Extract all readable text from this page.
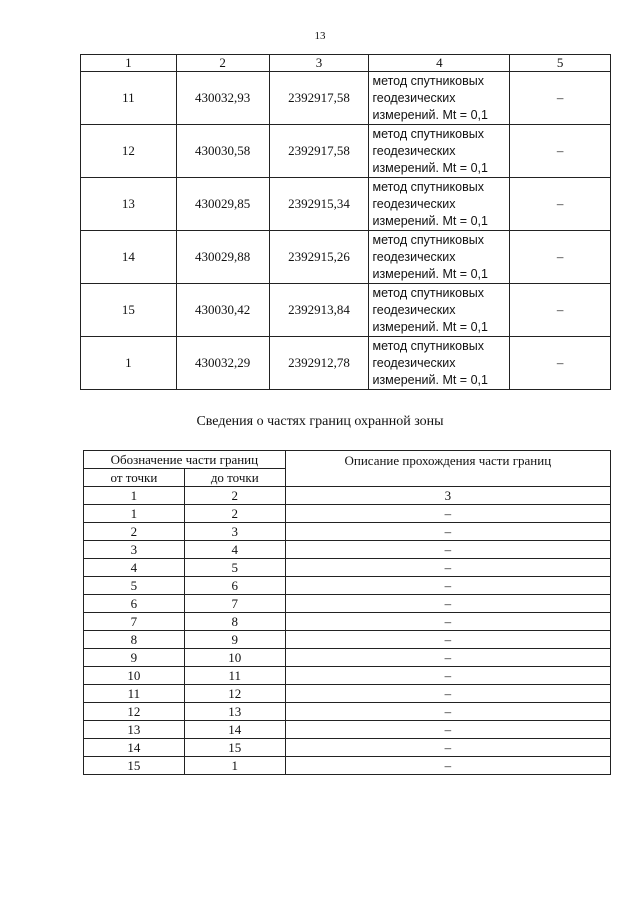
13
1	2	3	4	5
11	430032,93	2392917,58	метод спутниковых
геодезических
измерений. Mt = 0,1	–
12	430030,58	2392917,58	метод спутниковых
геодезических
измерений. Mt = 0,1	–
13	430029,85	2392915,34	метод спутниковых
геодезических
измерений. Mt = 0,1	–
14	430029,88	2392915,26	метод спутниковых
геодезических
измерений. Mt = 0,1	–
15	430030,42	2392913,84	метод спутниковых
геодезических
измерений. Mt = 0,1	–
1	430032,29	2392912,78	метод спутниковых
геодезических
измерений. Mt = 0,1	–
Сведения о частях границ охранной зоны
Обозначение части границ		Описание прохождения части границ
от точки	до точки	
1	2	3
1	2	–
2	3	–
3	4	–
4	5	–
5	6	–
6	7	–
7	8	–
8	9	–
9	10	–
10	11	–
11	12	–
12	13	–
13	14	–
14	15	–
15	1	–
